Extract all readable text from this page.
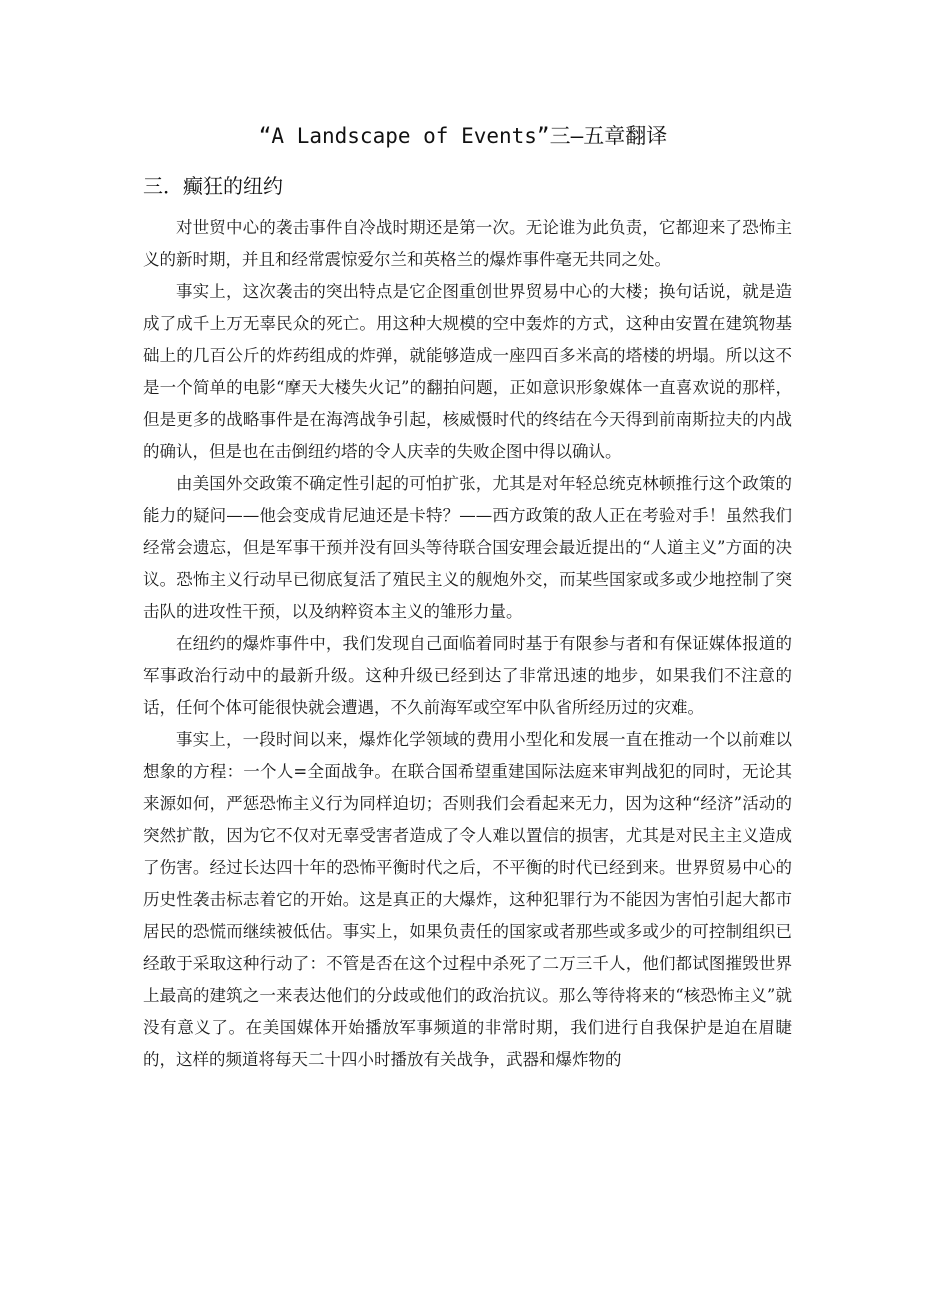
“A Landscape of Events”三—五章翻译
三．癫狂的纽约

对世贸中心的袭击事件自冷战时期还是第一次。无论谁为此负责，它都迎来了恐怖主义的新时期，并且和经常震惊爱尔兰和英格兰的爆炸事件毫无共同之处。

事实上，这次袭击的突出特点是它企图重创世界贸易中心的大楼；换句话说，就是造成了成千上万无辜民众的死亡。用这种大规模的空中轰炸的方式，这种由安置在建筑物基础上的几百公斤的炸药组成的炸弹，就能够造成一座四百多米高的塔楼的坍塌。所以这不是一个简单的电影“摩天大楼失火记”的翻拍问题，正如意识形象媒体一直喜欢说的那样，但是更多的战略事件是在海湾战争引起，核威慑时代的终结在今天得到前南斯拉夫的内战的确认，但是也在击倒纽约塔的令人庆幸的失败企图中得以确认。

由美国外交政策不确定性引起的可怕扩张，尤其是对年轻总统克林顿推行这个政策的能力的疑问——他会变成肯尼迪还是卡特？——西方政策的敌人正在考验对手！虽然我们经常会遗忘，但是军事干预并没有回头等待联合国安理会最近提出的“人道主义”方面的决议。恐怖主义行动早已彻底复活了殖民主义的舰炮外交，而某些国家或多或少地控制了突击队的进攻性干预，以及纳粹资本主义的雏形力量。

在纽约的爆炸事件中，我们发现自己面临着同时基于有限参与者和有保证媒体报道的军事政治行动中的最新升级。这种升级已经到达了非常迅速的地步，如果我们不注意的话，任何个体可能很快就会遭遇，不久前海军或空军中队省所经历过的灾难。

事实上，一段时间以来，爆炸化学领域的费用小型化和发展一直在推动一个以前难以想象的方程：一个人=全面战争。在联合国希望重建国际法庭来审判战犯的同时，无论其来源如何，严惩恐怖主义行为同样迫切；否则我们会看起来无力，因为这种“经济”活动的突然扩散，因为它不仅对无辜受害者造成了令人难以置信的损害，尤其是对民主主义造成了伤害。经过长达四十年的恐怖平衡时代之后，不平衡的时代已经到来。世界贸易中心的历史性袭击标志着它的开始。这是真正的大爆炸，这种犯罪行为不能因为害怕引起大都市居民的恐慌而继续被低估。事实上，如果负责任的国家或者那些或多或少的可控制组织已经敢于采取这种行动了：不管是否在这个过程中杀死了二万三千人，他们都试图摧毁世界上最高的建筑之一来表达他们的分歧或他们的政治抗议。那么等待将来的“核恐怖主义”就没有意义了。在美国媒体开始播放军事频道的非常时期，我们进行自我保护是迫在眉睫的，这样的频道将每天二十四小时播放有关战争，武器和爆炸物的
